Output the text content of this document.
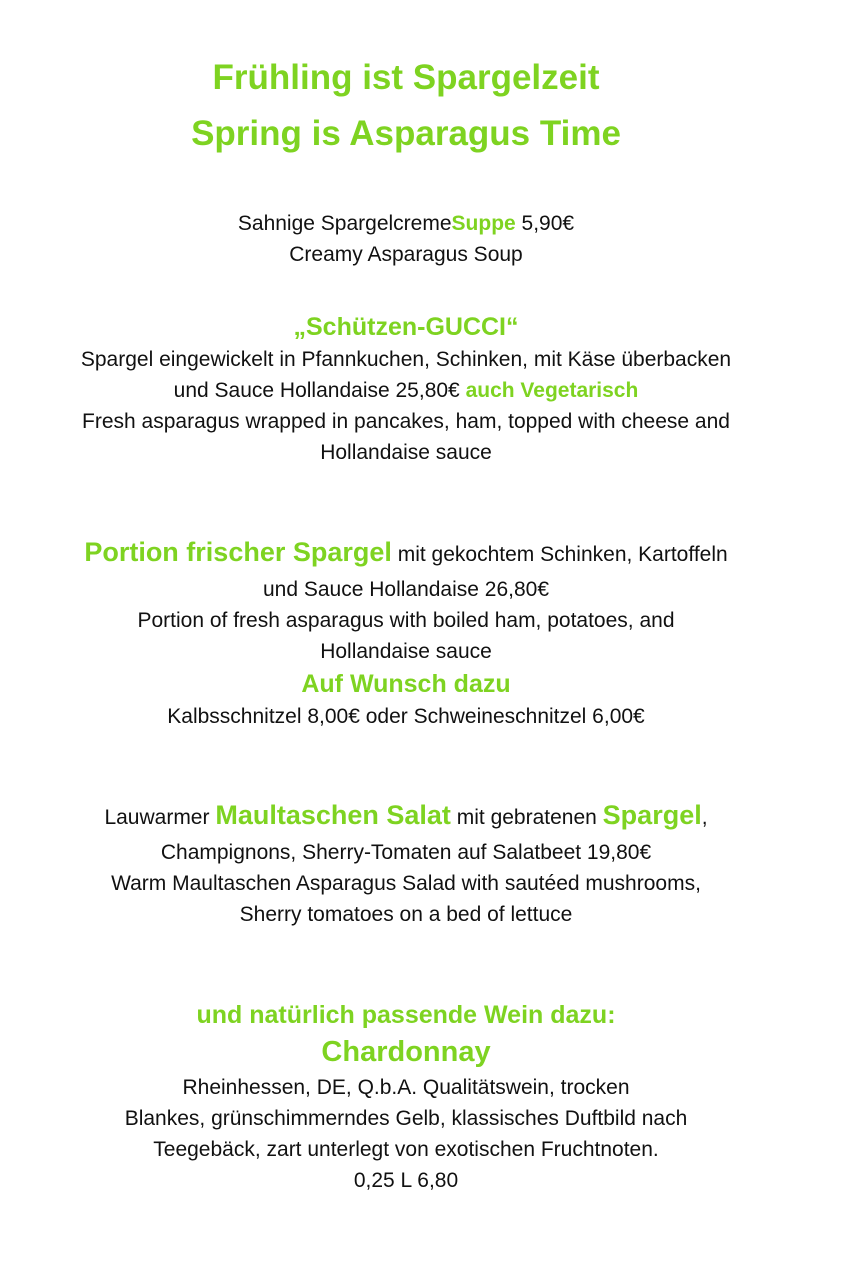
Frühling ist Spargelzeit
Spring is Asparagus Time
Sahnige SpargelcremeSuppe 5,90€
Creamy Asparagus Soup
„Schützen-GUCCI“
Spargel eingewickelt in Pfannkuchen, Schinken, mit Käse überbacken
und Sauce Hollandaise 25,80€ auch Vegetarisch
Fresh asparagus wrapped in pancakes, ham, topped with cheese and
Hollandaise sauce
Portion frischer Spargel mit gekochtem Schinken, Kartoffeln
und Sauce Hollandaise 26,80€
Portion of fresh asparagus with boiled ham, potatoes, and
Hollandaise sauce
Auf Wunsch dazu
Kalbsschnitzel 8,00€ oder Schweineschnitzel 6,00€
Lauwarmer Maultaschen Salat mit gebratenen Spargel,
Champignons, Sherry-Tomaten auf Salatbeet 19,80€
Warm Maultaschen Asparagus Salad with sautéed mushrooms,
Sherry tomatoes on a bed of lettuce
und natürlich passende Wein dazu:
Chardonnay
Rheinhessen, DE, Q.b.A. Qualitätswein, trocken
Blankes, grünschimmerndes Gelb, klassisches Duftbild nach
Teegebäck, zart unterlegt von exotischen Fruchtnoten.
0,25 L 6,80
